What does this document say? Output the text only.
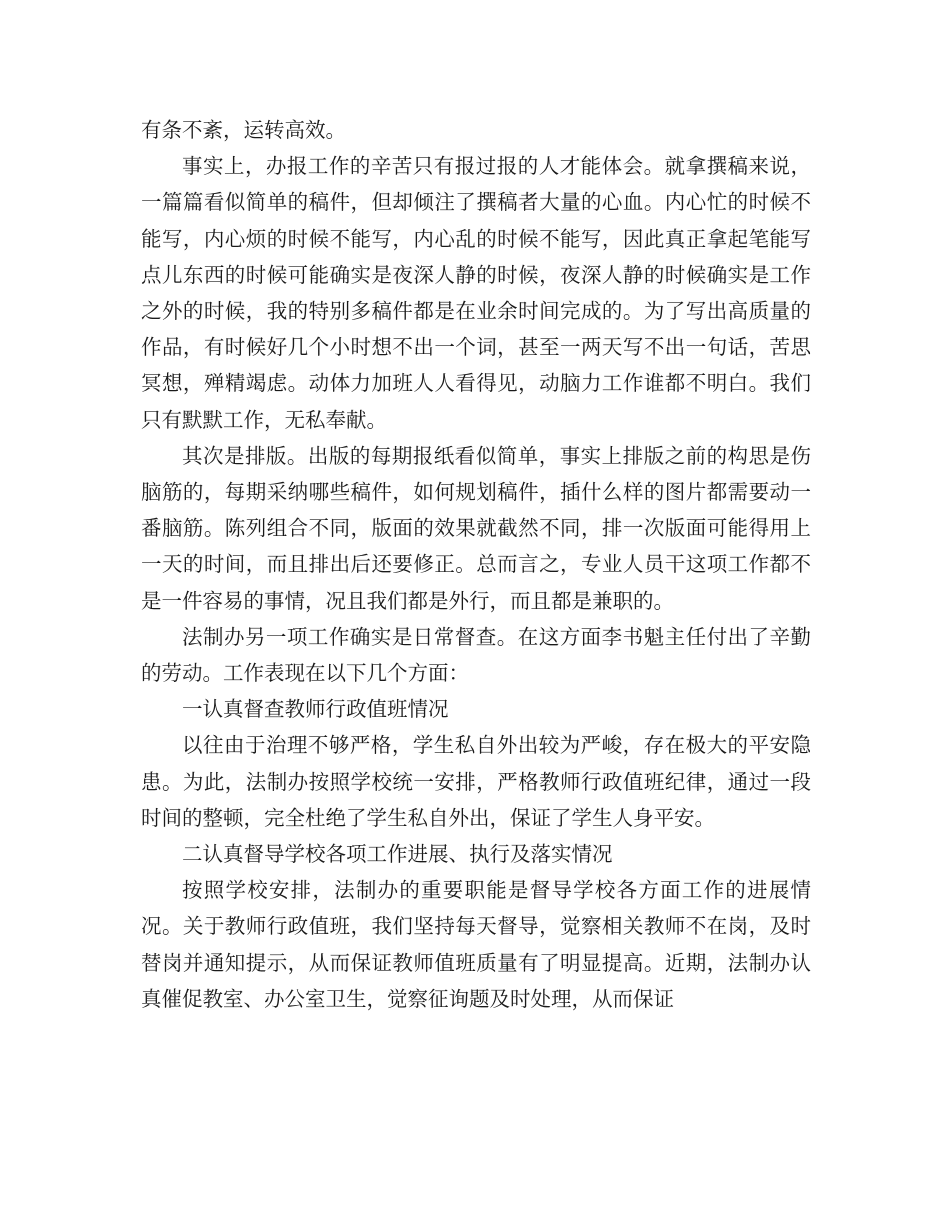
有条不紊，运转高效。

事实上，办报工作的辛苦只有报过报的人才能体会。就拿撰稿来说，一篇篇看似简单的稿件，但却倾注了撰稿者大量的心血。内心忙的时候不能写，内心烦的时候不能写，内心乱的时候不能写，因此真正拿起笔能写点儿东西的时候可能确实是夜深人静的时候，夜深人静的时候确实是工作之外的时候，我的特别多稿件都是在业余时间完成的。为了写出高质量的作品，有时候好几个小时想不出一个词，甚至一两天写不出一句话，苦思冥想，殚精竭虑。动体力加班人人看得见，动脑力工作谁都不明白。我们只有默默工作，无私奉献。

其次是排版。出版的每期报纸看似简单，事实上排版之前的构思是伤脑筋的，每期采纳哪些稿件，如何规划稿件，插什么样的图片都需要动一番脑筋。陈列组合不同，版面的效果就截然不同，排一次版面可能得用上一天的时间，而且排出后还要修正。总而言之，专业人员干这项工作都不是一件容易的事情，况且我们都是外行，而且都是兼职的。

法制办另一项工作确实是日常督查。在这方面李书魁主任付出了辛勤的劳动。工作表现在以下几个方面：

一认真督查教师行政值班情况

以往由于治理不够严格，学生私自外出较为严峻，存在极大的平安隐患。为此，法制办按照学校统一安排，严格教师行政值班纪律，通过一段时间的整顿，完全杜绝了学生私自外出，保证了学生人身平安。

二认真督导学校各项工作进展、执行及落实情况

按照学校安排，法制办的重要职能是督导学校各方面工作的进展情况。关于教师行政值班，我们坚持每天督导，觉察相关教师不在岗，及时替岗并通知提示，从而保证教师值班质量有了明显提高。近期，法制办认真催促教室、办公室卫生，觉察征询题及时处理，从而保证
